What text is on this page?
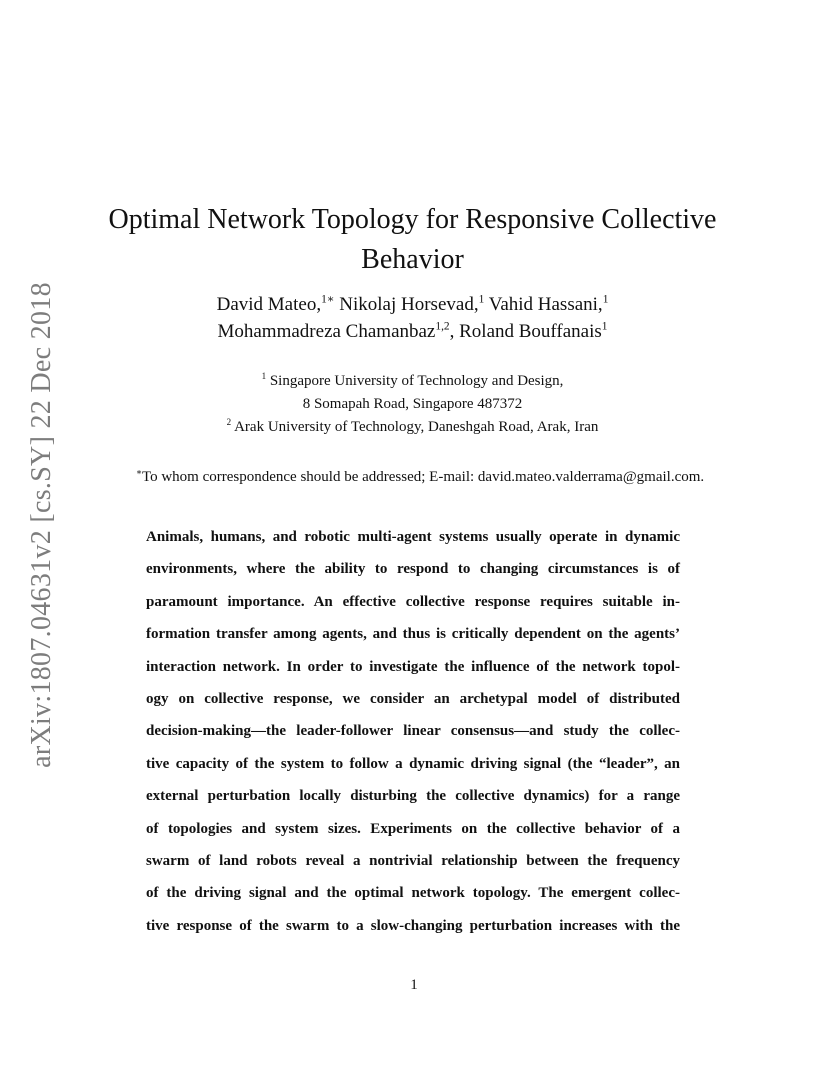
arXiv:1807.04631v2 [cs.SY] 22 Dec 2018
Optimal Network Topology for Responsive Collective
Behavior
David Mateo,$^{1∗}$ Nikolaj Horsevad,$^1$ Vahid Hassani,$^1$
Mohammadreza Chamanbaz$^{1,2}$, Roland Bouffanais$^1$
$^1$ Singapore University of Technology and Design,
8 Somapah Road, Singapore 487372
$^2$ Arak University of Technology, Daneshgah Road, Arak, Iran
∗To whom correspondence should be addressed; E-mail: david.mateo.valderrama@gmail.com.
Animals, humans, and robotic multi-agent systems usually operate in dynamic
environments, where the ability to respond to changing circumstances is of
paramount importance. An effective collective response requires suitable in-
formation transfer among agents, and thus is critically dependent on the agents’
interaction network. In order to investigate the influence of the network topol-
ogy on collective response, we consider an archetypal model of distributed
decision-making—the leader-follower linear consensus—and study the collec-
tive capacity of the system to follow a dynamic driving signal (the “leader”, an
external perturbation locally disturbing the collective dynamics) for a range
of topologies and system sizes. Experiments on the collective behavior of a
swarm of land robots reveal a nontrivial relationship between the frequency
of the driving signal and the optimal network topology. The emergent collec-
tive response of the swarm to a slow-changing perturbation increases with the
1
